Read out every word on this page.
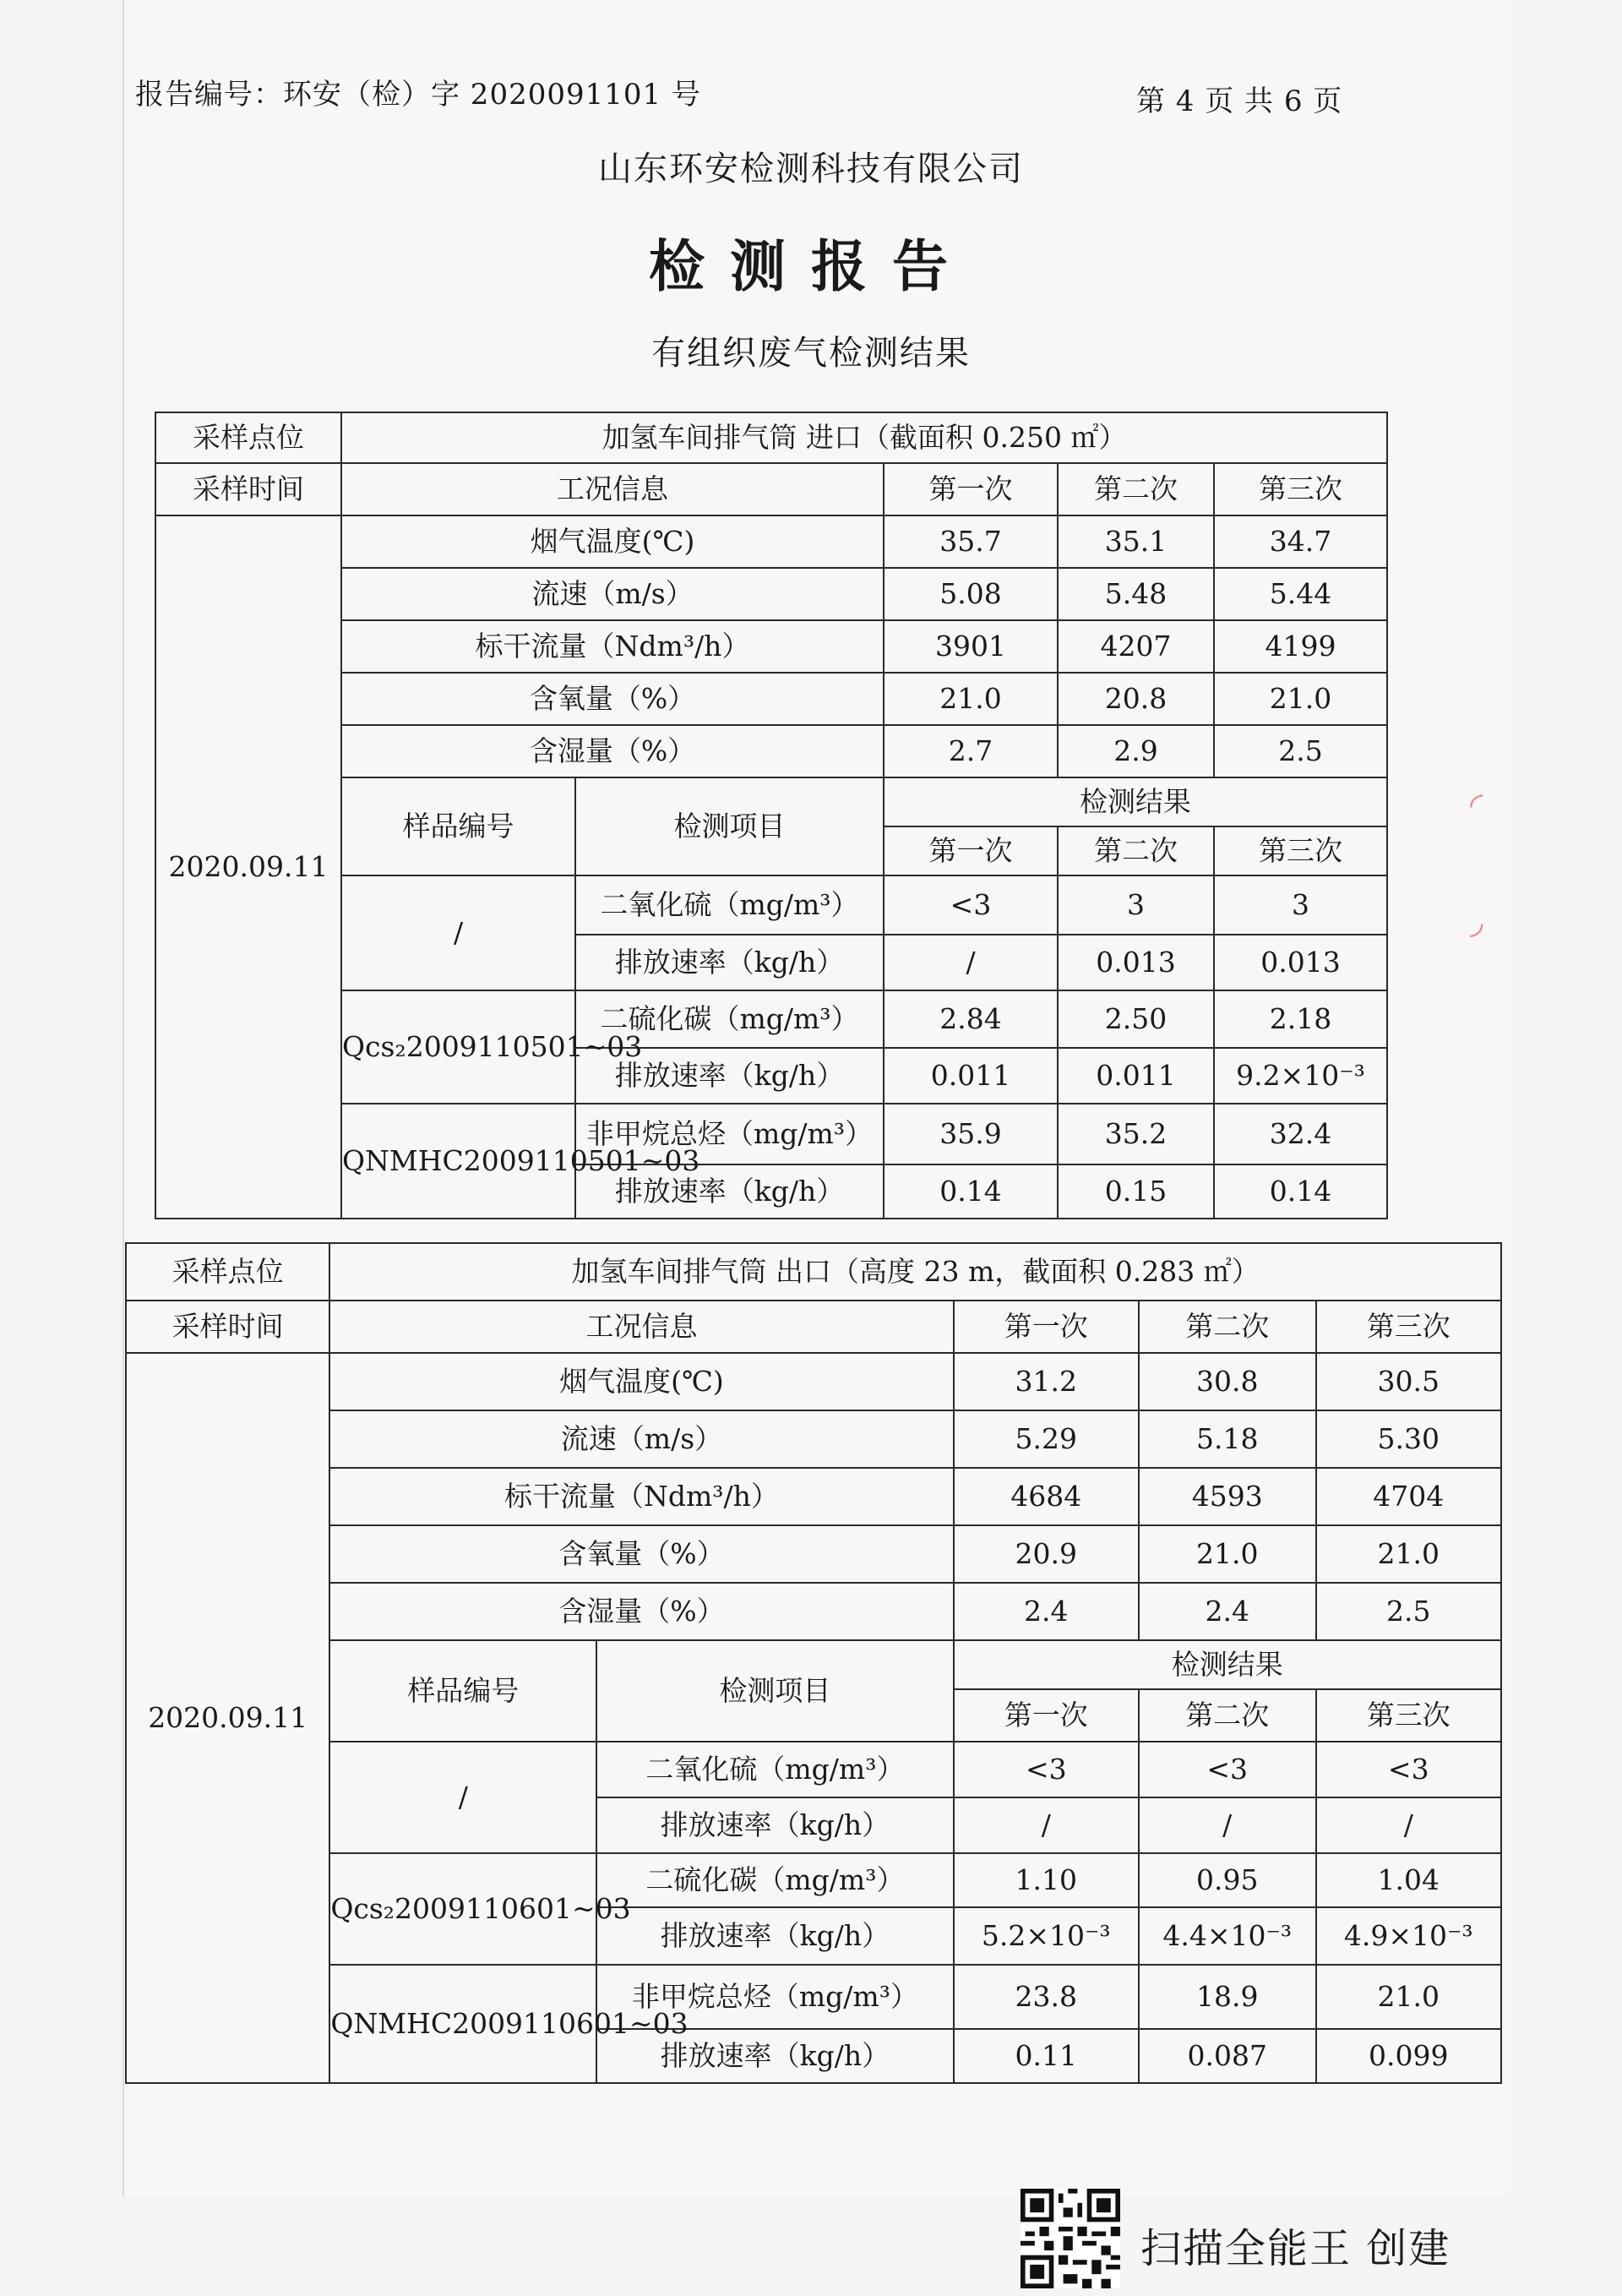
报告编号：环安（检）字 2020091101 号	第 4 页 共 6 页
山东环安检测科技有限公司
检测报告
有组织废气检测结果
采样点位	加氢车间排气筒 进口（截面积 0.250 ㎡）				
采样时间	工况信息		第一次	第二次	第三次
2020.09.11	烟气温度(℃)		35.7	35.1	34.7
	流速（m/s）		5.08	5.48	5.44
	标干流量（Ndm³/h）		3901	4207	4199
	含氧量（%）		21.0	20.8	21.0
	含湿量（%）		2.7	2.9	2.5
	样品编号	检测项目	检测结果		
			第一次	第二次	第三次
	/	二氧化硫（mg/m³）	<3	3	3
		排放速率（kg/h）	/	0.013	0.013
	Qcs₂2009110501~03	二硫化碳（mg/m³）	2.84	2.50	2.18
		排放速率（kg/h）	0.011	0.011	9.2×10⁻³
	QNMHC2009110501~03	非甲烷总烃（mg/m³）	35.9	35.2	32.4
		排放速率（kg/h）	0.14	0.15	0.14
采样点位	加氢车间排气筒 出口（高度 23 m，截面积 0.283 ㎡）				
采样时间	工况信息		第一次	第二次	第三次
2020.09.11	烟气温度(℃)		31.2	30.8	30.5
	流速（m/s）		5.29	5.18	5.30
	标干流量（Ndm³/h）		4684	4593	4704
	含氧量（%）		20.9	21.0	21.0
	含湿量（%）		2.4	2.4	2.5
	样品编号	检测项目	检测结果		
			第一次	第二次	第三次
	/	二氧化硫（mg/m³）	<3	<3	<3
		排放速率（kg/h）	/	/	/
	Qcs₂2009110601~03	二硫化碳（mg/m³）	1.10	0.95	1.04
		排放速率（kg/h）	5.2×10⁻³	4.4×10⁻³	4.9×10⁻³
	QNMHC2009110601~03	非甲烷总烃（mg/m³）	23.8	18.9	21.0
		排放速率（kg/h）	0.11	0.087	0.099
◜

◞
扫描全能王 创建
